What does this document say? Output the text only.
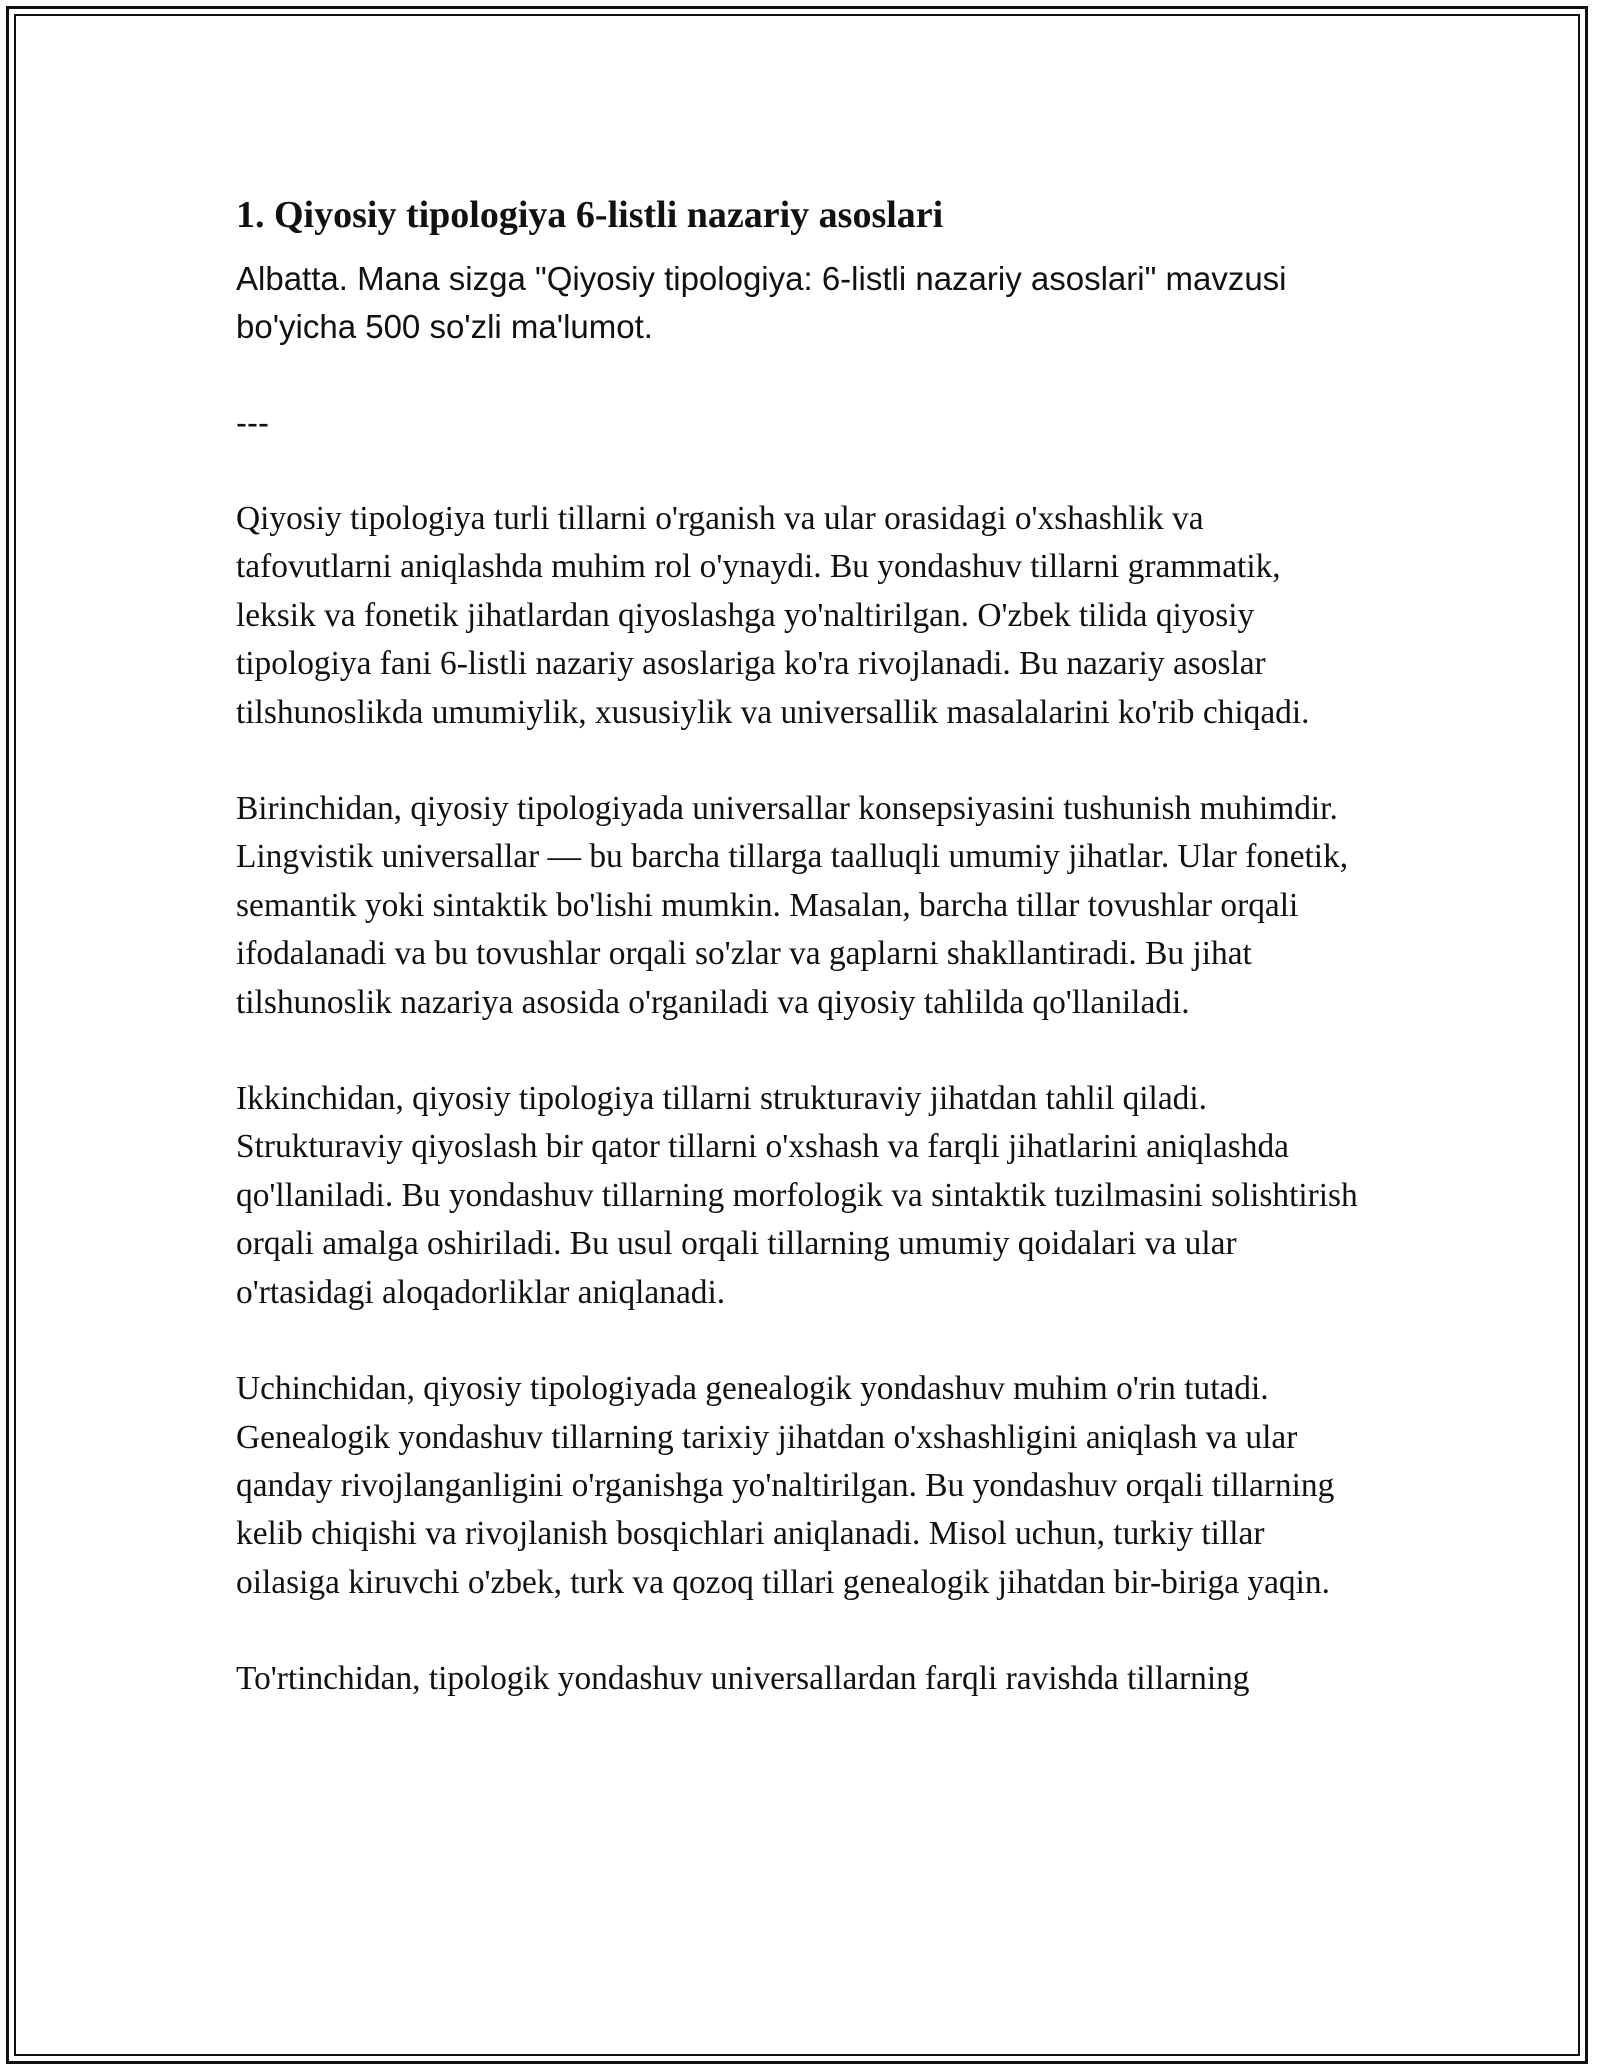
1. Qiyosiy tipologiya 6-listli nazariy asoslari

Albatta. Mana sizga "Qiyosiy tipologiya: 6-listli nazariy asoslari" mavzusi bo'yicha 500 so'zli ma'lumot.

---

Qiyosiy tipologiya turli tillarni o'rganish va ular orasidagi o'xshashlik va tafovutlarni aniqlashda muhim rol o'ynaydi. Bu yondashuv tillarni grammatik, leksik va fonetik jihatlardan qiyoslashga yo'naltirilgan. O'zbek tilida qiyosiy tipologiya fani 6-listli nazariy asoslariga ko'ra rivojlanadi. Bu nazariy asoslar tilshunoslikda umumiylik, xususiylik va universallik masalalarini ko'rib chiqadi.

Birinchidan, qiyosiy tipologiyada universallar konsepsiyasini tushunish muhimdir. Lingvistik universallar — bu barcha tillarga taalluqli umumiy jihatlar. Ular fonetik, semantik yoki sintaktik bo'lishi mumkin. Masalan, barcha tillar tovushlar orqali ifodalanadi va bu tovushlar orqali so'zlar va gaplarni shakllantiradi. Bu jihat tilshunoslik nazariya asosida o'rganiladi va qiyosiy tahlilda qo'llaniladi.

Ikkinchidan, qiyosiy tipologiya tillarni strukturaviy jihatdan tahlil qiladi. Strukturaviy qiyoslash bir qator tillarni o'xshash va farqli jihatlarini aniqlashda qo'llaniladi. Bu yondashuv tillarning morfologik va sintaktik tuzilmasini solishtirish orqali amalga oshiriladi. Bu usul orqali tillarning umumiy qoidalari va ular o'rtasidagi aloqadorliklar aniqlanadi.

Uchinchidan, qiyosiy tipologiyada genealogik yondashuv muhim o'rin tutadi. Genealogik yondashuv tillarning tarixiy jihatdan o'xshashligini aniqlash va ular qanday rivojlanganligini o'rganishga yo'naltirilgan. Bu yondashuv orqali tillarning kelib chiqishi va rivojlanish bosqichlari aniqlanadi. Misol uchun, turkiy tillar oilasiga kiruvchi o'zbek, turk va qozoq tillari genealogik jihatdan bir-biriga yaqin.

To'rtinchidan, tipologik yondashuv universallardan farqli ravishda tillarning
